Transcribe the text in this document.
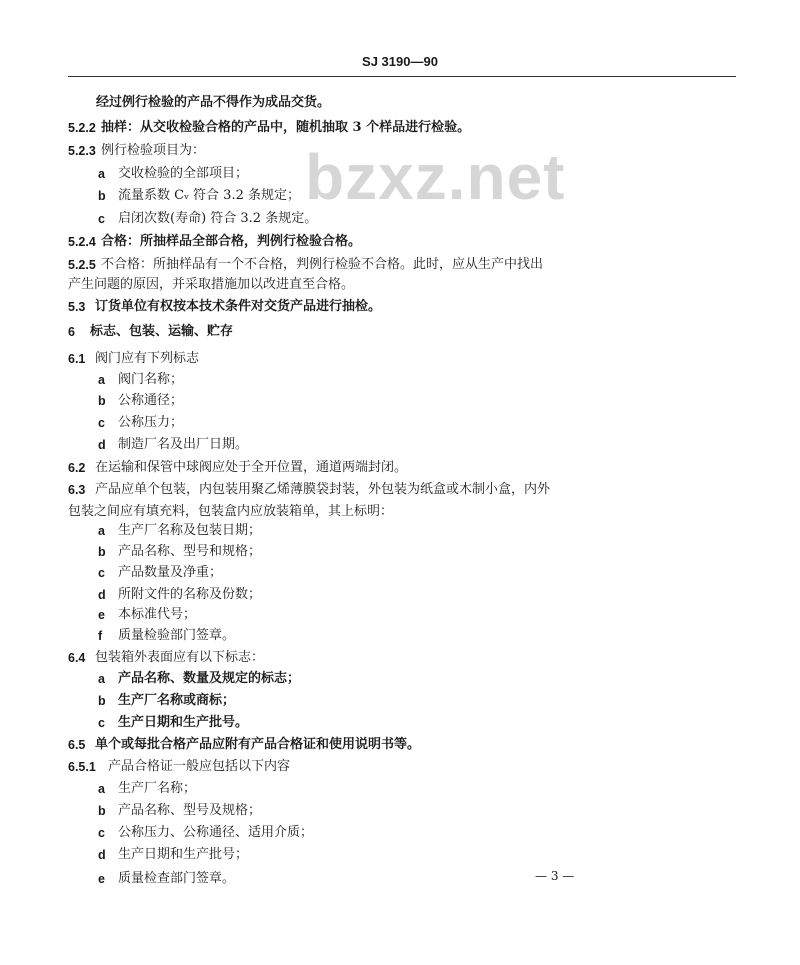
SJ 3190—90
bzxz.net
经过例行检验的产品不得作为成品交货。
5.2.2 抽样：从交收检验合格的产品中，随机抽取 3 个样品进行检验。
5.2.3 例行检验项目为：
a 交收检验的全部项目；
b 流量系数 Cᵥ 符合 3.2 条规定；
c 启闭次数(寿命) 符合 3.2 条规定。
5.2.4 合格：所抽样品全部合格，判例行检验合格。
5.2.5 不合格：所抽样品有一个不合格，判例行检验不合格。此时，应从生产中找出
产生问题的原因，并采取措施加以改进直至合格。
5.3 订货单位有权按本技术条件对交货产品进行抽检。
6 标志、包装、运输、贮存
6.1 阀门应有下列标志
a 阀门名称；
b 公称通径；
c 公称压力；
d 制造厂名及出厂日期。
6.2 在运输和保管中球阀应处于全开位置，通道两端封闭。
6.3 产品应单个包装，内包装用聚乙烯薄膜袋封装，外包装为纸盒或木制小盒，内外
包装之间应有填充料，包装盒内应放装箱单，其上标明：
a 生产厂名称及包装日期；
b 产品名称、型号和规格；
c 产品数量及净重；
d 所附文件的名称及份数；
e 本标准代号；
f 质量检验部门签章。
6.4 包装箱外表面应有以下标志：
a 产品名称、数量及规定的标志；
b 生产厂名称或商标；
c 生产日期和生产批号。
6.5 单个或每批合格产品应附有产品合格证和使用说明书等。
6.5.1 产品合格证一般应包括以下内容
a 生产厂名称；
b 产品名称、型号及规格；
c 公称压力、公称通径、适用介质；
d 生产日期和生产批号；
e 质量检查部门签章。	— 3 —
